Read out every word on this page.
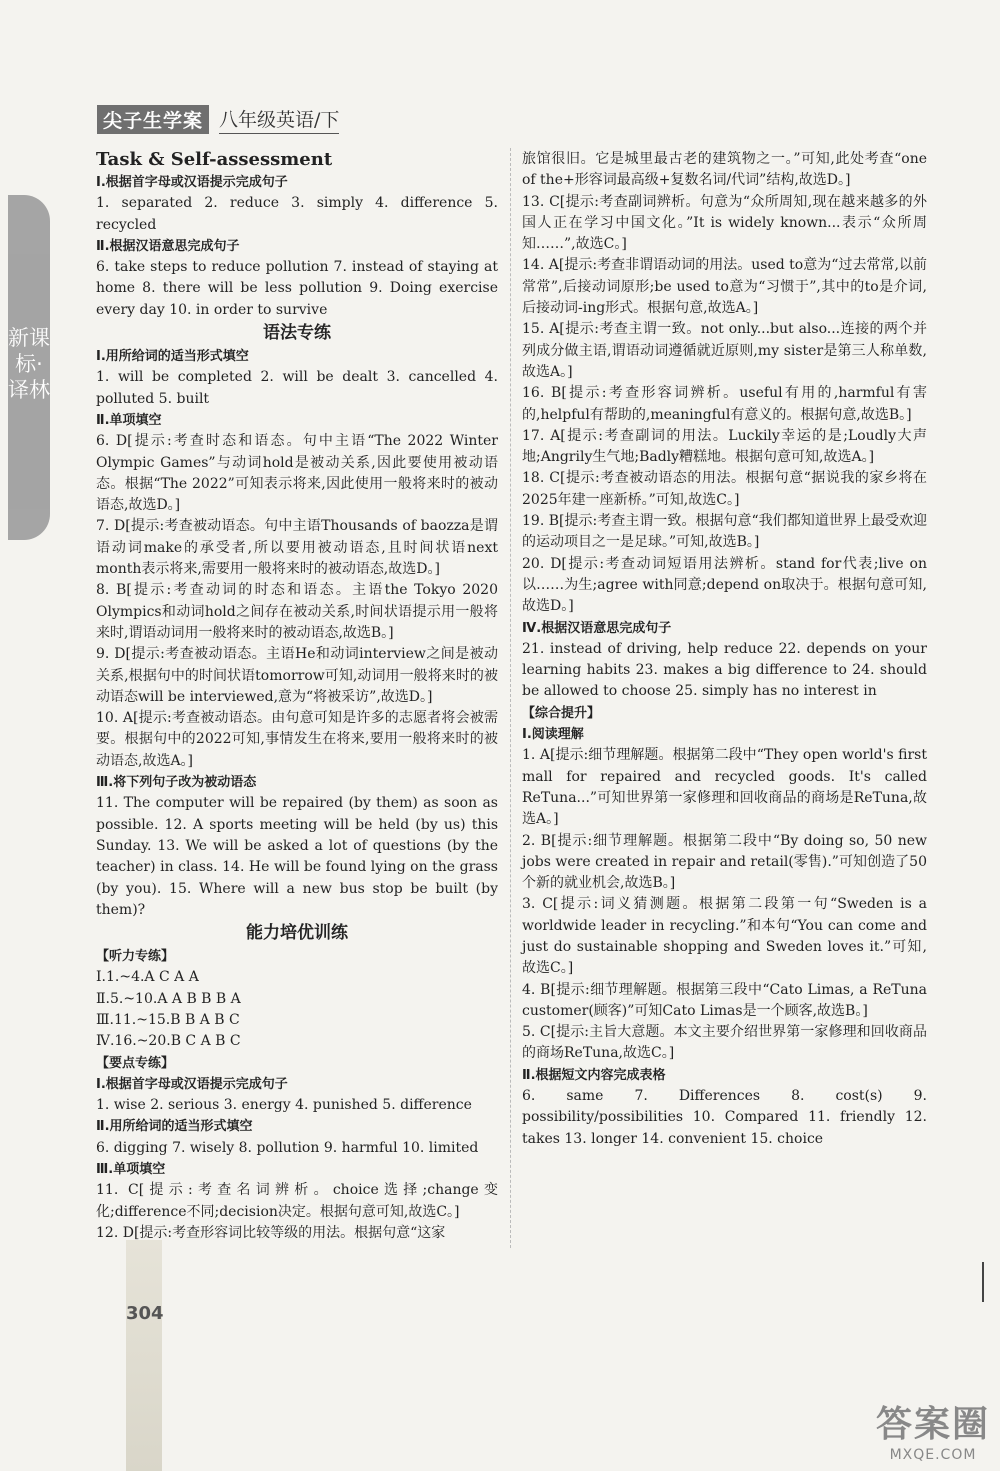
新课标·译林
尖子生学案 八年级英语/下
Task & Self-assessment
Ⅰ.根据首字母或汉语提示完成句子
1. separated 2. reduce 3. simply 4. difference 5. recycled
Ⅱ.根据汉语意思完成句子
6. take steps to reduce pollution 7. instead of staying at home 8. there will be less pollution 9. Doing exercise every day 10. in order to survive
语法专练
Ⅰ.用所给词的适当形式填空
1. will be completed 2. will be dealt 3. cancelled 4. polluted 5. built
Ⅱ.单项填空
6. D[提示:考查时态和语态。句中主语“The 2022 Winter Olympic Games”与动词hold是被动关系,因此要使用被动语态。根据“The 2022”可知表示将来,因此使用一般将来时的被动语态,故选D。]
7. D[提示:考查被动语态。句中主语Thousands of baozza是谓语动词make的承受者,所以要用被动语态,且时间状语next month表示将来,需要用一般将来时的被动语态,故选D。]
8. B[提示:考查动词的时态和语态。主语the Tokyo 2020 Olympics和动词hold之间存在被动关系,时间状语提示用一般将来时,谓语动词用一般将来时的被动语态,故选B。]
9. D[提示:考查被动语态。主语He和动词interview之间是被动关系,根据句中的时间状语tomorrow可知,动词用一般将来时的被动语态will be interviewed,意为“将被采访”,故选D。]
10. A[提示:考查被动语态。由句意可知是许多的志愿者将会被需要。根据句中的2022可知,事情发生在将来,要用一般将来时的被动语态,故选A。]
Ⅲ.将下列句子改为被动语态
11. The computer will be repaired (by them) as soon as possible. 12. A sports meeting will be held (by us) this Sunday. 13. We will be asked a lot of questions (by the teacher) in class. 14. He will be found lying on the grass (by you). 15. Where will a new bus stop be built (by them)?
能力培优训练
【听力专练】
Ⅰ.1.~4.A C A A
Ⅱ.5.~10.A A B B B A
Ⅲ.11.~15.B B A B C
Ⅳ.16.~20.B C A B C
【要点专练】
Ⅰ.根据首字母或汉语提示完成句子
1. wise 2. serious 3. energy 4. punished 5. difference
Ⅱ.用所给词的适当形式填空
6. digging 7. wisely 8. pollution 9. harmful 10. limited
Ⅲ.单项填空
11. C[提示:考查名词辨析。choice选择;change变化;difference不同;decision决定。根据句意可知,故选C。]
12. D[提示:考查形容词比较等级的用法。根据句意“这家
旅馆很旧。它是城里最古老的建筑物之一。”可知,此处考查“one of the+形容词最高级+复数名词/代词”结构,故选D。]
13. C[提示:考查副词辨析。句意为“众所周知,现在越来越多的外国人正在学习中国文化。”It is widely known...表示“众所周知……”,故选C。]
14. A[提示:考查非谓语动词的用法。used to意为“过去常常,以前常常”,后接动词原形;be used to意为“习惯于”,其中的to是介词,后接动词-ing形式。根据句意,故选A。]
15. A[提示:考查主谓一致。not only...but also...连接的两个并列成分做主语,谓语动词遵循就近原则,my sister是第三人称单数,故选A。]
16. B[提示:考查形容词辨析。useful有用的,harmful有害的,helpful有帮助的,meaningful有意义的。根据句意,故选B。]
17. A[提示:考查副词的用法。Luckily幸运的是;Loudly大声地;Angrily生气地;Badly糟糕地。根据句意可知,故选A。]
18. C[提示:考查被动语态的用法。根据句意“据说我的家乡将在2025年建一座新桥。”可知,故选C。]
19. B[提示:考查主谓一致。根据句意“我们都知道世界上最受欢迎的运动项目之一是足球。”可知,故选B。]
20. D[提示:考查动词短语用法辨析。stand for代表;live on以……为生;agree with同意;depend on取决于。根据句意可知,故选D。]
Ⅳ.根据汉语意思完成句子
21. instead of driving, help reduce 22. depends on your learning habits 23. makes a big difference to 24. should be allowed to choose 25. simply has no interest in
【综合提升】
Ⅰ.阅读理解
1. A[提示:细节理解题。根据第二段中“They open world's first mall for repaired and recycled goods. It's called ReTuna...”可知世界第一家修理和回收商品的商场是ReTuna,故选A。]
2. B[提示:细节理解题。根据第二段中“By doing so, 50 new jobs were created in repair and retail(零售).”可知创造了50个新的就业机会,故选B。]
3. C[提示:词义猜测题。根据第二段第一句“Sweden is a worldwide leader in recycling.”和本句“You can come and just do sustainable shopping and Sweden loves it.”可知,故选C。]
4. B[提示:细节理解题。根据第三段中“Cato Limas, a ReTuna customer(顾客)”可知Cato Limas是一个顾客,故选B。]
5. C[提示:主旨大意题。本文主要介绍世界第一家修理和回收商品的商场ReTuna,故选C。]
Ⅱ.根据短文内容完成表格
6. same 7. Differences 8. cost(s) 9. possibility/possibilities 10. Compared 11. friendly 12. takes 13. longer 14. convenient 15. choice
304
答案圈
MXQE.COM
